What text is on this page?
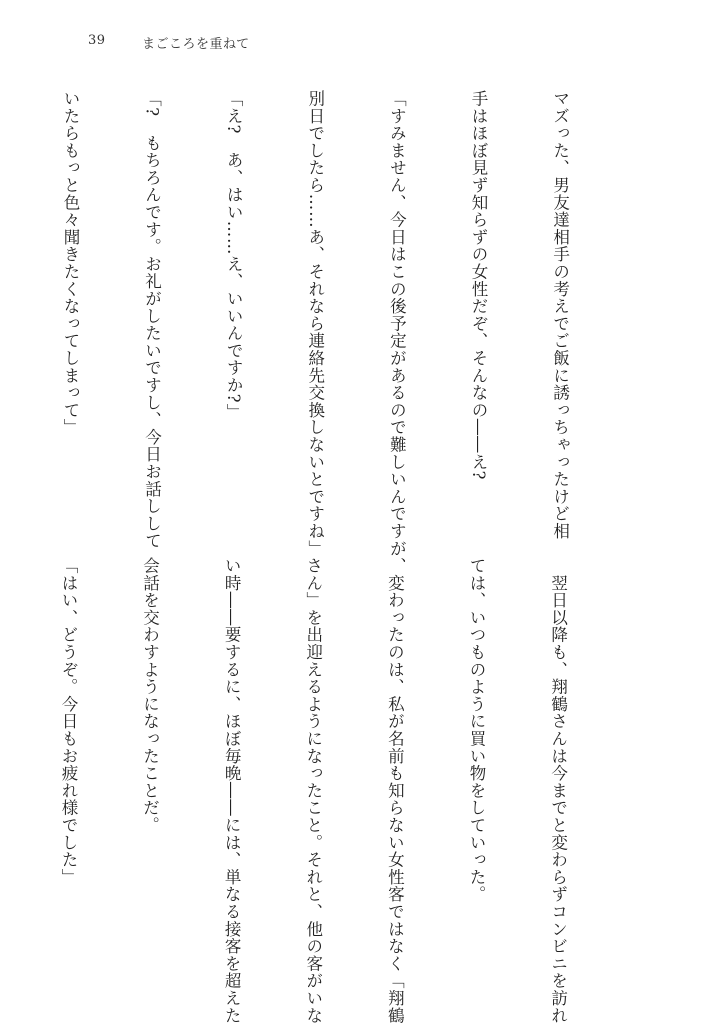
39	まごころを重ねて

マズった、男友達相手の考えでご飯に誘っちゃったけど相

手はほぼ見ず知らずの女性だぞ、そんなの――え?

「すみません、今日はこの後予定があるので難しいんですが、

別日でしたら……あ、それなら連絡先交換しないとですね」

「え?　あ、はい……え、いいんですか?」

「?　もちろんです。お礼がしたいですし、今日お話しして

いたらもっと色々聞きたくなってしまって」

　翌日以降も、翔鶴さんは今までと変わらずコンビニを訪れ

ては、いつものように買い物をしていった。

　変わったのは、私が名前も知らない女性客ではなく「翔鶴

さん」を出迎えるようになったこと。それと、他の客がいな

い時――要するに、ほぼ毎晩――には、単なる接客を超えた

会話を交わすようになったことだ。

「はい、どうぞ。今日もお疲れ様でした」
